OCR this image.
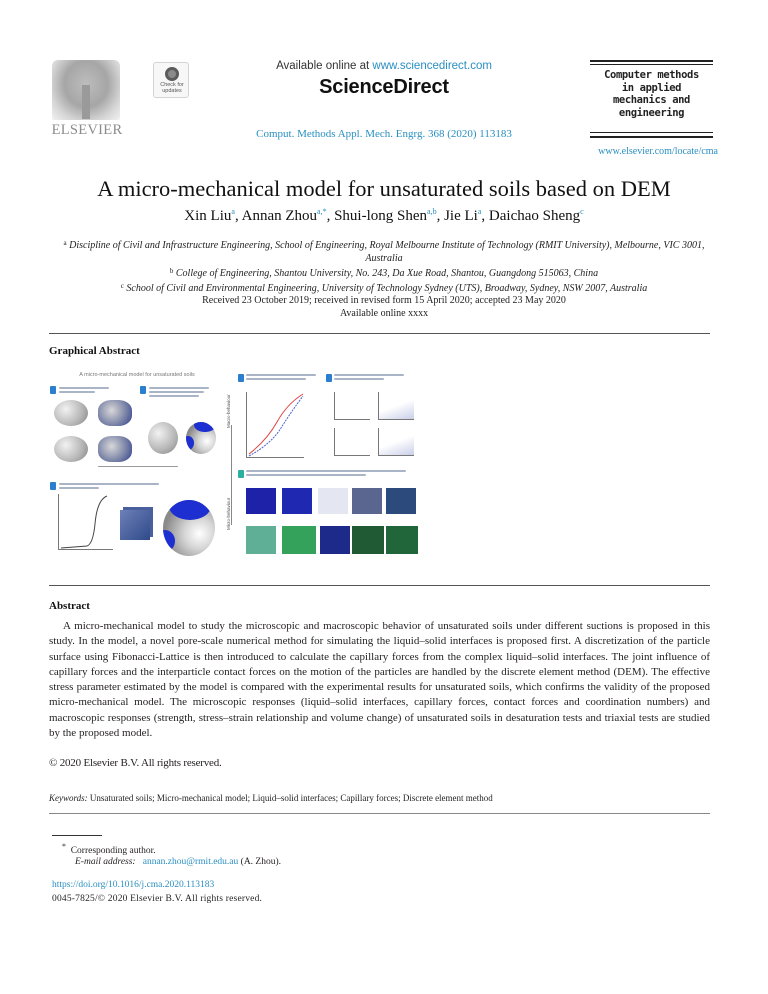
ELSEVIER
Check for
updates
Available online at www.sciencedirect.com
ScienceDirect
Comput. Methods Appl. Mech. Engrg. 368 (2020) 113183
Computer methods
in applied
mechanics and
engineering
www.elsevier.com/locate/cma
A micro-mechanical model for unsaturated soils based on DEM
Xin Liu$^a$, Annan Zhou$^{a,*}$, Shui-long Shen$^{a,b}$, Jie Li$^a$, Daichao Sheng$^c$
$^a$ Discipline of Civil and Infrastructure Engineering, School of Engineering, Royal Melbourne Institute of Technology (RMIT University), Melbourne, VIC 3001, Australia
$^b$ College of Engineering, Shantou University, No. 243, Da Xue Road, Shantou, Guangdong 515063, China
$^c$ School of Civil and Environmental Engineering, University of Technology Sydney (UTS), Broadway, Sydney, NSW 2007, Australia
Received 23 October 2019; received in revised form 15 April 2020; accepted 23 May 2020
Available online xxxx
Graphical Abstract
A micro-mechanical model for unsaturated soils
Macro-behaviour
Micro-behaviour
Abstract

A micro-mechanical model to study the microscopic and macroscopic behavior of unsaturated soils under different suctions is proposed in this study. In the model, a novel pore-scale numerical method for simulating the liquid–solid interfaces is proposed first. A discretization of the particle surface using Fibonacci-Lattice is then introduced to calculate the capillary forces from the complex liquid–solid interfaces. The joint influence of capillary forces and the interparticle contact forces on the motion of the particles are handled by the discrete element method (DEM). The effective stress parameter estimated by the model is compared with the experimental results for unsaturated soils, which confirms the validity of the proposed micro-mechanical model. The microscopic responses (liquid–solid interfaces, capillary forces, contact forces and coordination numbers) and macroscopic responses (strength, stress–strain relationship and volume change) of unsaturated soils in desaturation tests and triaxial tests are studied by the proposed model.

© 2020 Elsevier B.V. All rights reserved.
Keywords: Unsaturated soils; Micro-mechanical model; Liquid–solid interfaces; Capillary forces; Discrete element method
* Corresponding author.
E-mail address: annan.zhou@rmit.edu.au (A. Zhou).
https://doi.org/10.1016/j.cma.2020.113183
0045-7825/© 2020 Elsevier B.V. All rights reserved.
